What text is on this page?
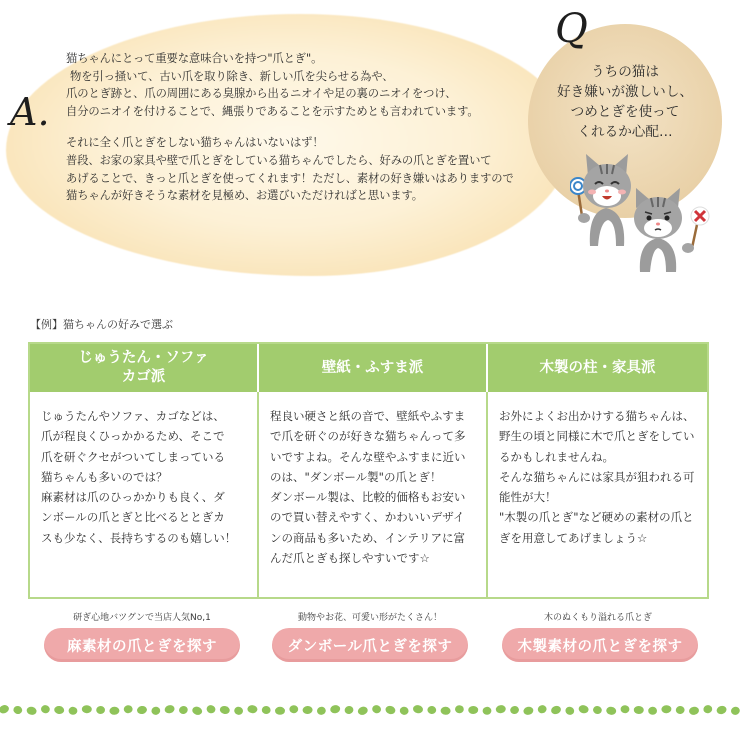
A.

猫ちゃんにとって重要な意味合いを持つ"爪とぎ"。

物を引っ掻いて、古い爪を取り除き、新しい爪を尖らせる為や、

爪のとぎ跡と、爪の周囲にある臭腺から出るニオイや足の裏のニオイをつけ、

自分のニオイを付けることで、縄張りであることを示すためとも言われています。

それに全く爪とぎをしない猫ちゃんはいないはず！

普段、お家の家具や壁で爪とぎをしている猫ちゃんでしたら、好みの爪とぎを置いて

あげることで、きっと爪とぎを使ってくれます！ただし、素材の好き嫌いはありますので

猫ちゃんが好きそうな素材を見極め、お選びいただければと思います。

Q
うちの猫は
好き嫌いが激しいし、
つめとぎを使って
くれるか心配…
【例】猫ちゃんの好みで選ぶ
じゅうたん・ソファ
カゴ派

じゅうたんやソファ、カゴなどは、

爪が程良くひっかかるため、そこで

爪を研ぐクセがついてしまっている

猫ちゃんも多いのでは？

麻素材は爪のひっかかりも良く、ダ

ンボールの爪とぎと比べるととぎカ

スも少なく、長持ちするのも嬉しい！

壁紙・ふすま派

程良い硬さと紙の音で、壁紙やふすま

で爪を研ぐのが好きな猫ちゃんって多

いですよね。そんな壁やふすまに近い

のは、"ダンボール製"の爪とぎ！

ダンボール製は、比較的価格もお安い

ので買い替えやすく、かわいいデザイ

ンの商品も多いため、インテリアに富

んだ爪とぎも探しやすいです☆

木製の柱・家具派

お外によくお出かけする猫ちゃんは、

野生の頃と同様に木で爪とぎをしてい

るかもしれませんね。

そんな猫ちゃんには家具が狙われる可

能性が大！

"木製の爪とぎ"など硬めの素材の爪と

ぎを用意してあげましょう☆

研ぎ心地バツグンで当店人気No,1
麻素材の爪とぎを探す
動物やお花、可愛い形がたくさん！
ダンボール爪とぎを探す
木のぬくもり溢れる爪とぎ
木製素材の爪とぎを探す
